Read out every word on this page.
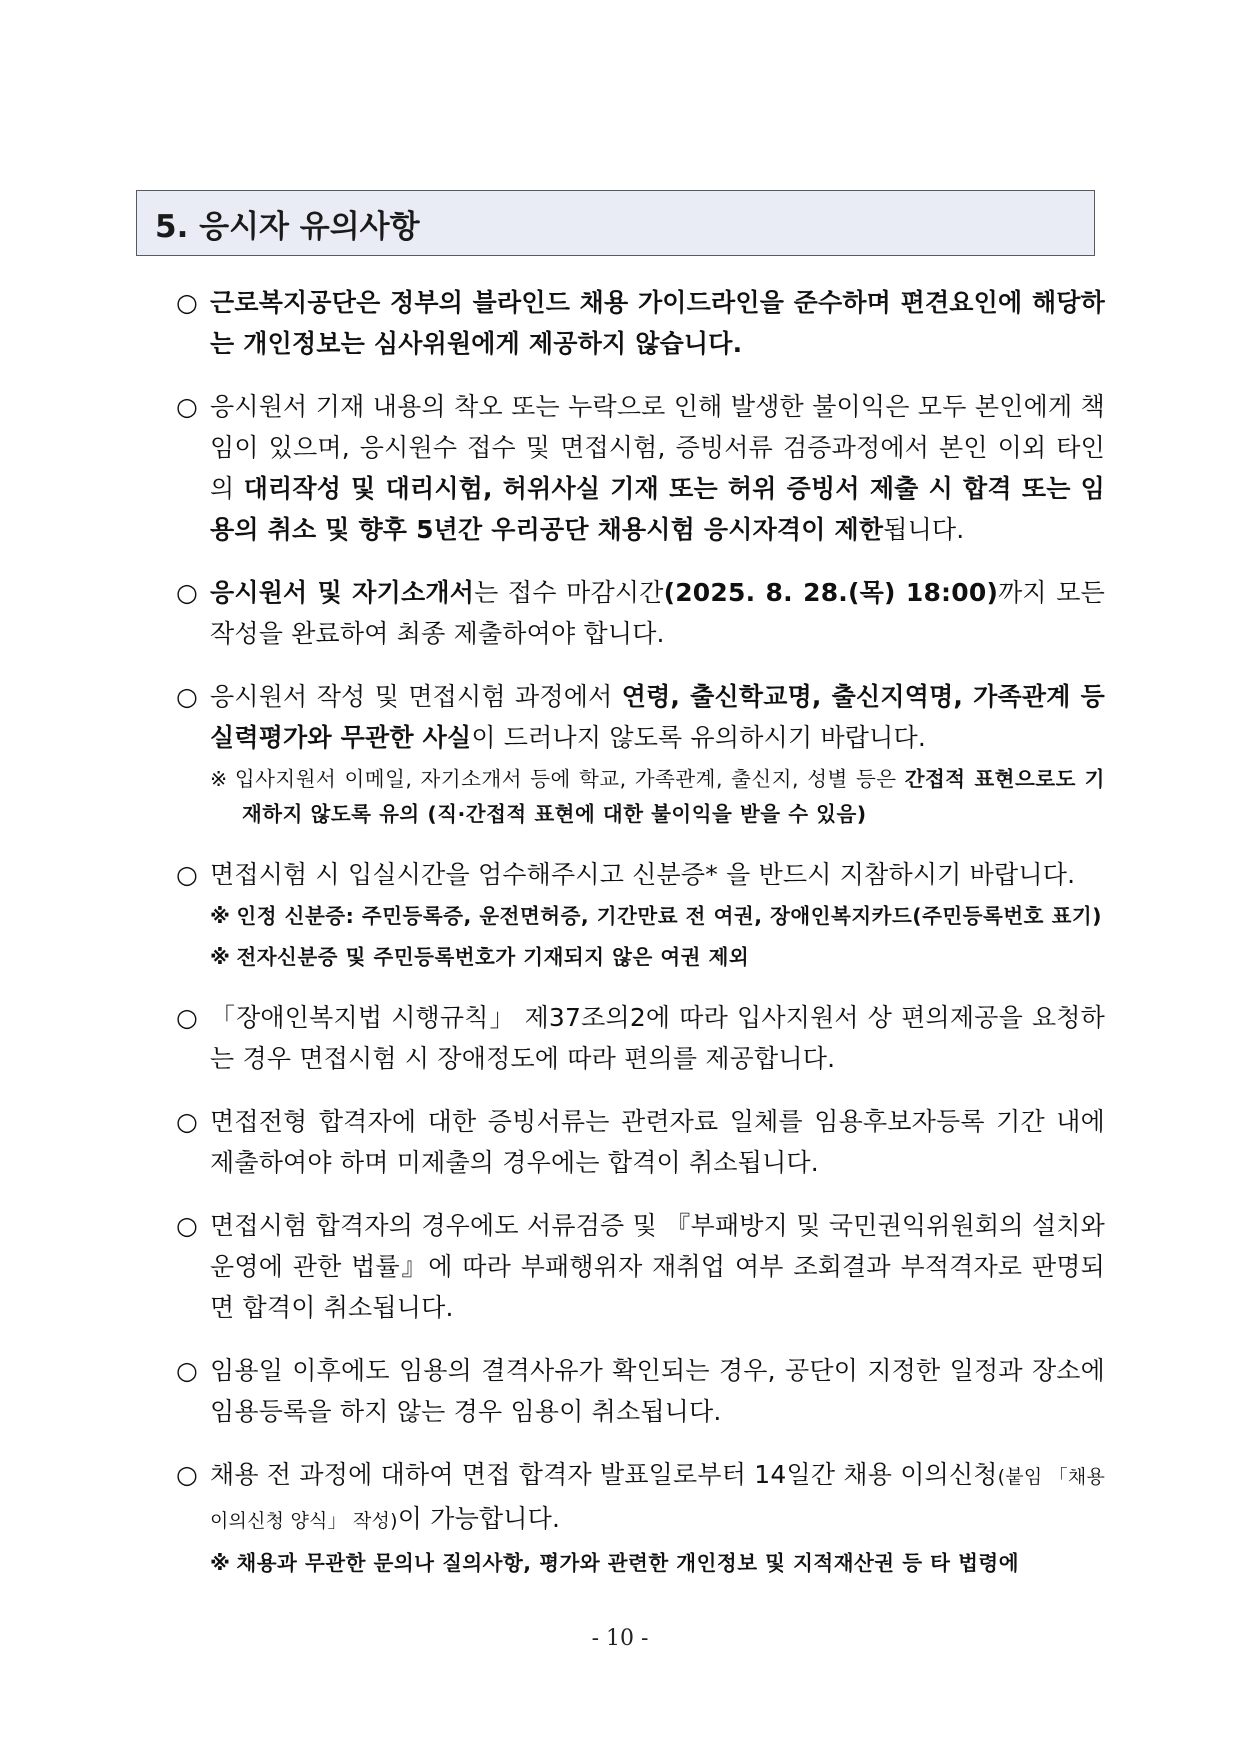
5. 응시자 유의사항
○ 근로복지공단은 정부의 블라인드 채용 가이드라인을 준수하며 편견요인에 해당하는 개인정보는 심사위원에게 제공하지 않습니다.

○ 응시원서 기재 내용의 착오 또는 누락으로 인해 발생한 불이익은 모두 본인에게 책임이 있으며, 응시원수 접수 및 면접시험, 증빙서류 검증과정에서 본인 이외 타인의 대리작성 및 대리시험, 허위사실 기재 또는 허위 증빙서 제출 시 합격 또는 임용의 취소 및 향후 5년간 우리공단 채용시험 응시자격이 제한됩니다.

○ 응시원서 및 자기소개서는 접수 마감시간(2025. 8. 28.(목) 18:00)까지 모든 작성을 완료하여 최종 제출하여야 합니다.

○ 응시원서 작성 및 면접시험 과정에서 연령, 출신학교명, 출신지역명, 가족관계 등 실력평가와 무관한 사실이 드러나지 않도록 유의하시기 바랍니다.

※ 입사지원서 이메일, 자기소개서 등에 학교, 가족관계, 출신지, 성별 등은 간접적 표현으로도 기재하지 않도록 유의 (직·간접적 표현에 대한 불이익을 받을 수 있음)
○ 면접시험 시 입실시간을 엄수해주시고 신분증* 을 반드시 지참하시기 바랍니다.

※ 인정 신분증: 주민등록증, 운전면허증, 기간만료 전 여권, 장애인복지카드(주민등록번호 표기)
※ 전자신분증 및 주민등록번호가 기재되지 않은 여권 제외
○ 「장애인복지법 시행규칙」 제37조의2에 따라 입사지원서 상 편의제공을 요청하는 경우 면접시험 시 장애정도에 따라 편의를 제공합니다.

○ 면접전형 합격자에 대한 증빙서류는 관련자료 일체를 임용후보자등록 기간 내에 제출하여야 하며 미제출의 경우에는 합격이 취소됩니다.

○ 면접시험 합격자의 경우에도 서류검증 및 『부패방지 및 국민권익위원회의 설치와 운영에 관한 법률』에 따라 부패행위자 재취업 여부 조회결과 부적격자로 판명되면 합격이 취소됩니다.

○ 임용일 이후에도 임용의 결격사유가 확인되는 경우, 공단이 지정한 일정과 장소에 임용등록을 하지 않는 경우 임용이 취소됩니다.

○ 채용 전 과정에 대하여 면접 합격자 발표일로부터 14일간 채용 이의신청(붙임 「채용 이의신청 양식」 작성)이 가능합니다.

※ 채용과 무관한 문의나 질의사항, 평가와 관련한 개인정보 및 지적재산권 등 타 법령에
- 10 -
